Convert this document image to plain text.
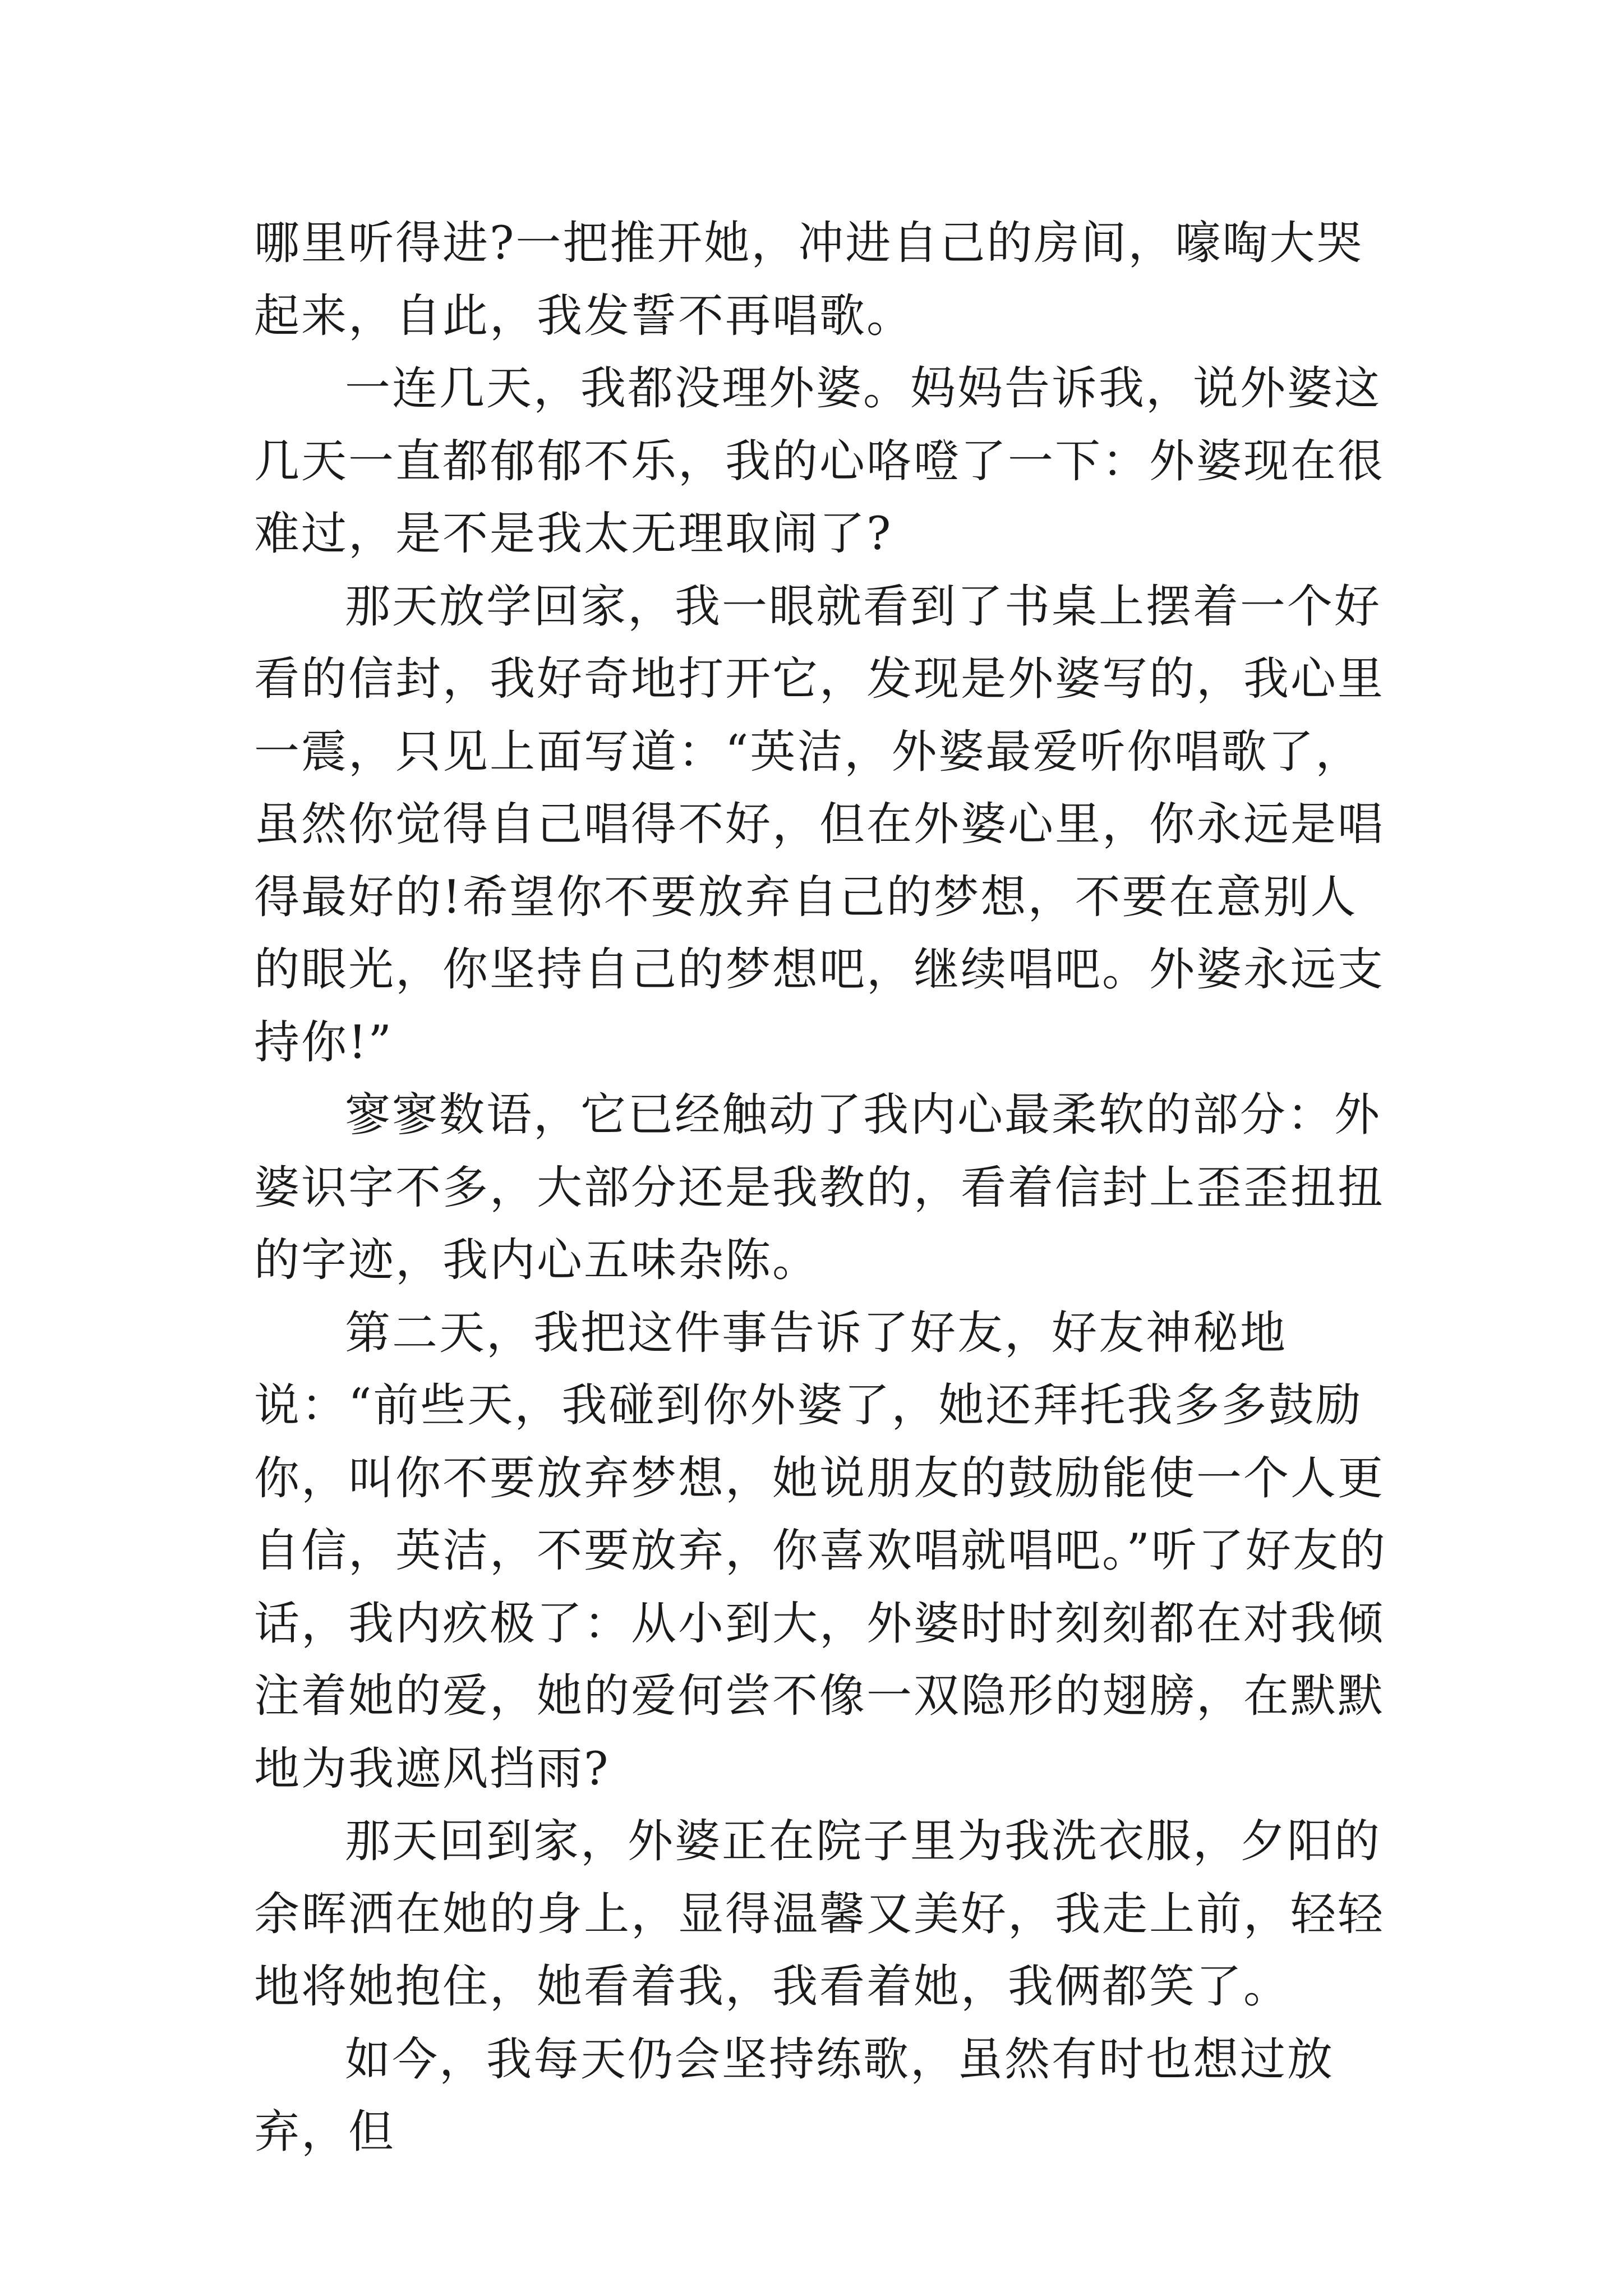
哪里听得进?一把推开她，冲进自己的房间，嚎啕大哭起来，自此，我发誓不再唱歌。

一连几天，我都没理外婆。妈妈告诉我，说外婆这几天一直都郁郁不乐，我的心咯噔了一下：外婆现在很难过，是不是我太无理取闹了?

那天放学回家，我一眼就看到了书桌上摆着一个好看的信封，我好奇地打开它，发现是外婆写的，我心里一震，只见上面写道：“英洁，外婆最爱听你唱歌了，虽然你觉得自己唱得不好，但在外婆心里，你永远是唱得最好的!希望你不要放弃自己的梦想，不要在意别人的眼光，你坚持自己的梦想吧，继续唱吧。外婆永远支持你!”

寥寥数语，它已经触动了我内心最柔软的部分：外婆识字不多，大部分还是我教的，看着信封上歪歪扭扭的字迹，我内心五味杂陈。

第二天，我把这件事告诉了好友，好友神秘地说：“前些天，我碰到你外婆了，她还拜托我多多鼓励你，叫你不要放弃梦想，她说朋友的鼓励能使一个人更自信，英洁，不要放弃，你喜欢唱就唱吧。”听了好友的话，我内疚极了：从小到大，外婆时时刻刻都在对我倾注着她的爱，她的爱何尝不像一双隐形的翅膀，在默默地为我遮风挡雨?

那天回到家，外婆正在院子里为我洗衣服，夕阳的余晖洒在她的身上，显得温馨又美好，我走上前，轻轻地将她抱住，她看着我，我看着她，我俩都笑了。

如今，我每天仍会坚持练歌，虽然有时也想过放弃，但
